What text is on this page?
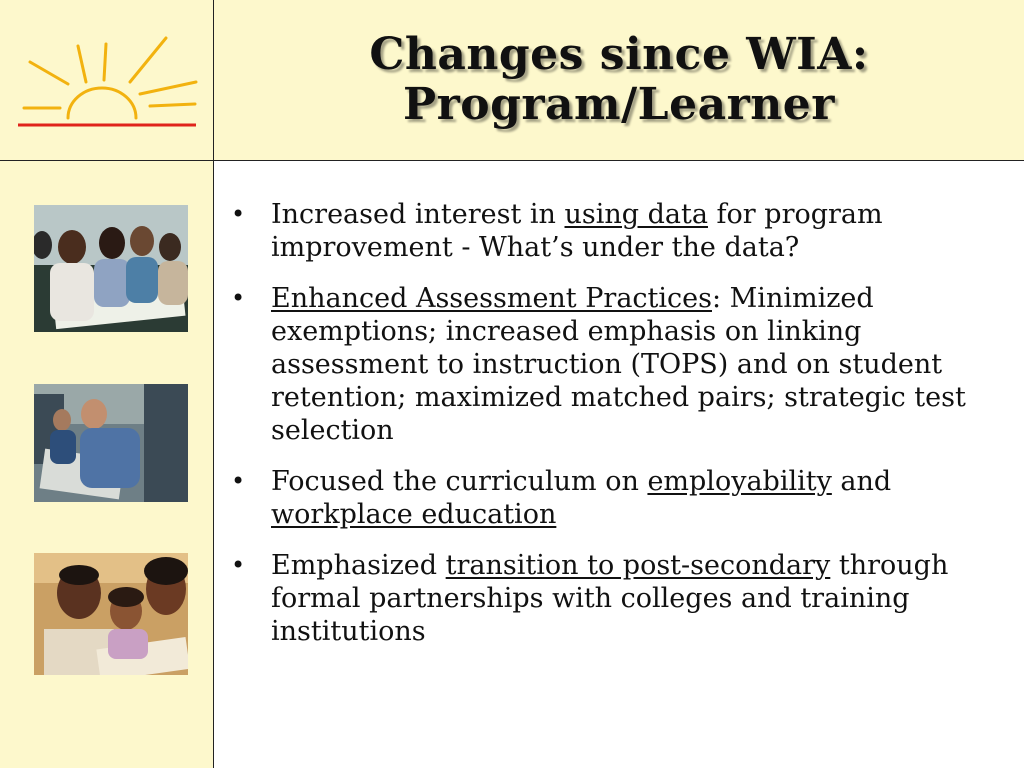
Changes since WIA:
Program/Learner
• Increased interest in using data for program improvement - What’s under the data?
• Enhanced Assessment Practices: Minimized exemptions; increased emphasis on linking assessment to instruction (TOPS) and on student retention; maximized matched pairs; strategic test selection
• Focused the curriculum on employability and workplace education
• Emphasized transition to post-secondary through formal partnerships with colleges and training institutions
